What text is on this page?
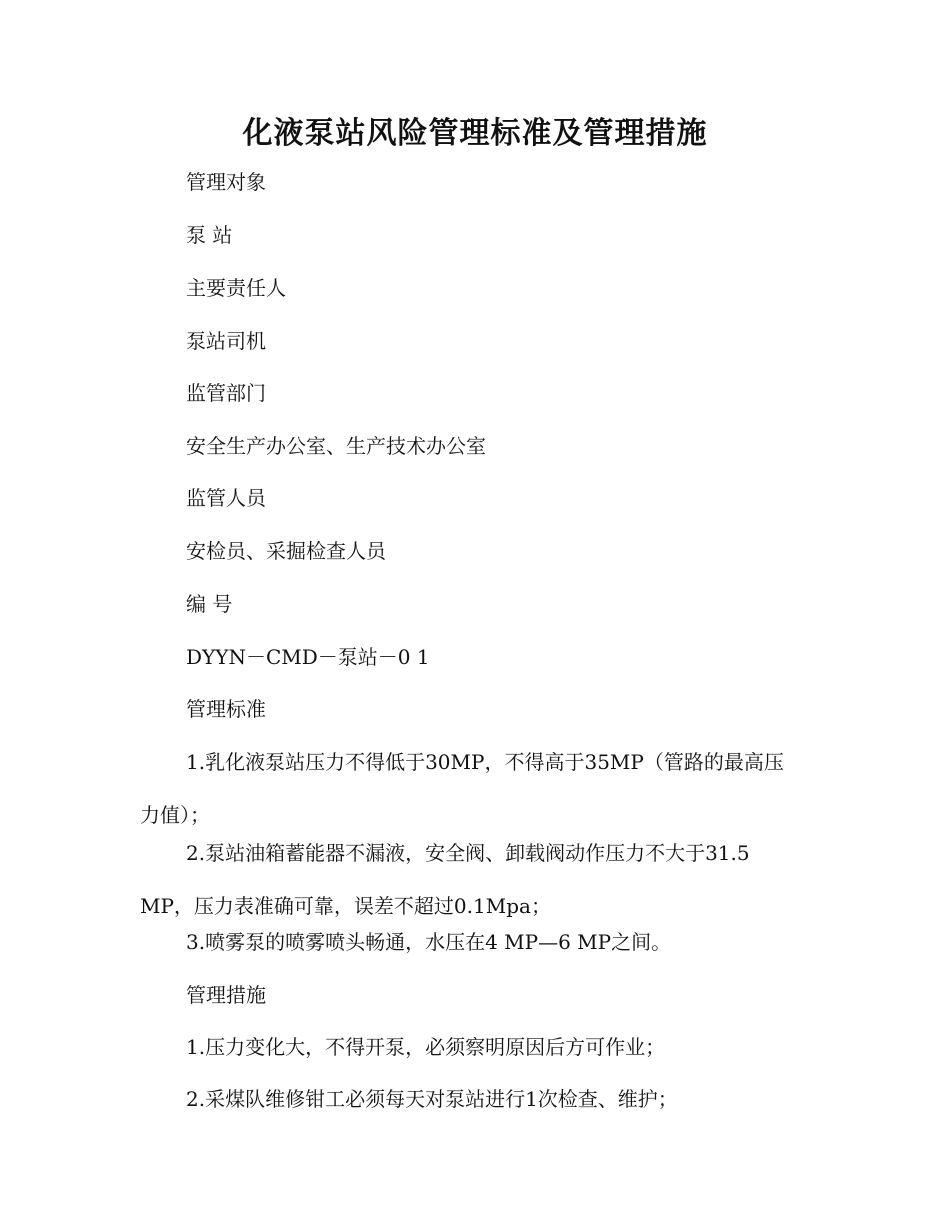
化液泵站风险管理标准及管理措施
管理对象
泵 站
主要责任人
泵站司机
监管部门
安全生产办公室、生产技术办公室
监管人员
安检员、采掘检查人员
编 号
DYYN－CMD－泵站－0 1
管理标准
1.乳化液泵站压力不得低于30MP，不得高于35MP（管路的最高压
力值）；
2.泵站油箱蓄能器不漏液，安全阀、卸载阀动作压力不大于31.5
MP，压力表准确可靠，误差不超过0.1Mpa；
3.喷雾泵的喷雾喷头畅通，水压在4 MP—6 MP之间。
管理措施
1.压力变化大，不得开泵，必须察明原因后方可作业；
2.采煤队维修钳工必须每天对泵站进行1次检查、维护；
